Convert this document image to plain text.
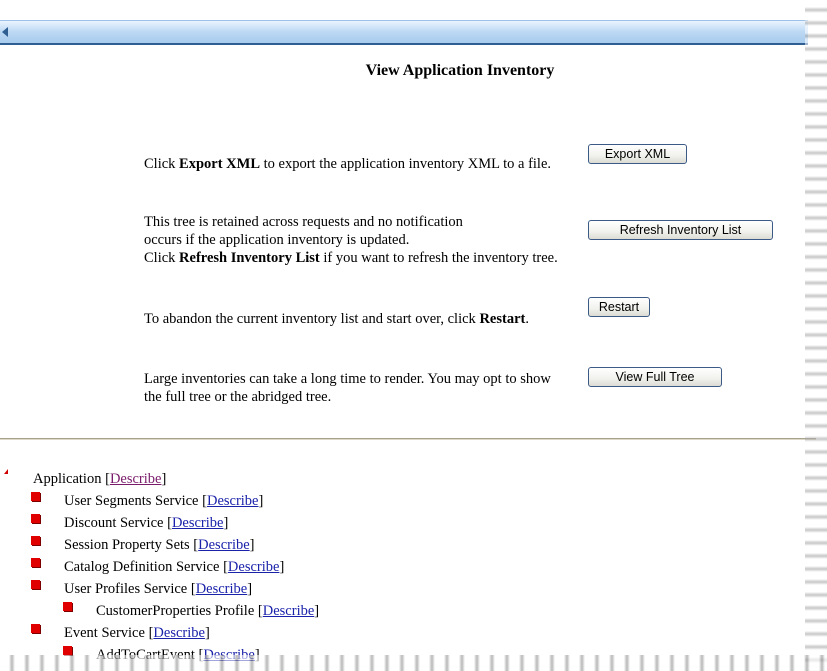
View Application Inventory
Click Export XML to export the application inventory XML to a file.
Export XML
This tree is retained across requests and no notification
occurs if the application inventory is updated.
Click Refresh Inventory List if you want to refresh the inventory tree.
Refresh Inventory List
To abandon the current inventory list and start over, click Restart.
Restart
Large inventories can take a long time to render. You may opt to show
the full tree or the abridged tree.
View Full Tree
Application [Describe]
User Segments Service [Describe]
Discount Service [Describe]
Session Property Sets [Describe]
Catalog Definition Service [Describe]
User Profiles Service [Describe]
CustomerProperties Profile [Describe]
Event Service [Describe]
